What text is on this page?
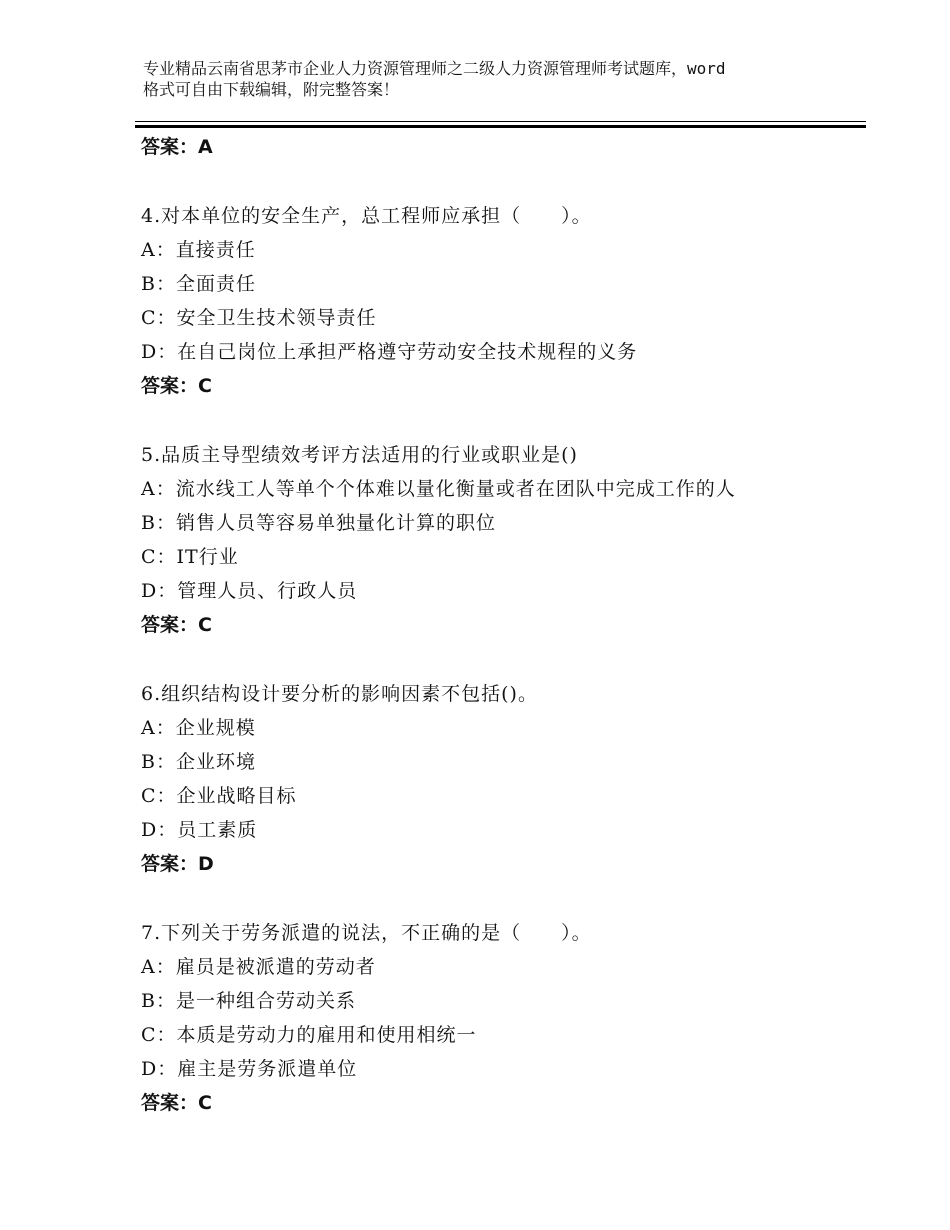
专业精品云南省思茅市企业人力资源管理师之二级人力资源管理师考试题库，word
格式可自由下载编辑，附完整答案！
答案：A
4.对本单位的安全生产，总工程师应承担（　　）。
A：直接责任
B：全面责任
C：安全卫生技术领导责任
D：在自己岗位上承担严格遵守劳动安全技术规程的义务
答案：C
5.品质主导型绩效考评方法适用的行业或职业是()
A：流水线工人等单个个体难以量化衡量或者在团队中完成工作的人
B：销售人员等容易单独量化计算的职位
C：IT行业
D：管理人员、行政人员
答案：C
6.组织结构设计要分析的影响因素不包括()。
A：企业规模
B：企业环境
C：企业战略目标
D：员工素质
答案：D
7.下列关于劳务派遣的说法，不正确的是（　　）。
A：雇员是被派遣的劳动者
B：是一种组合劳动关系
C：本质是劳动力的雇用和使用相统一
D：雇主是劳务派遣单位
答案：C
